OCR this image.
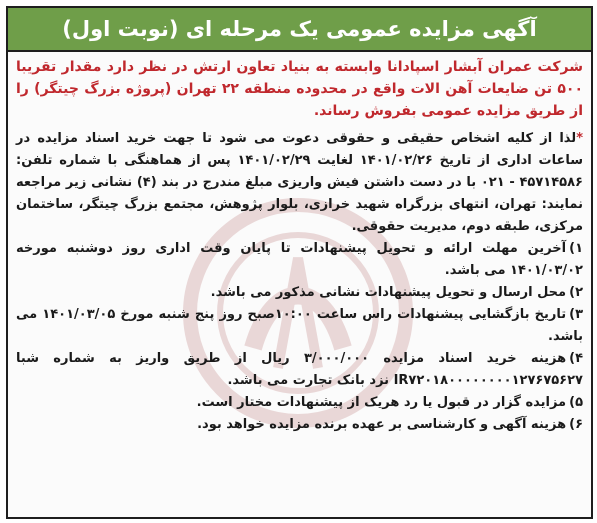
آگهی مزایده عمومی یک مرحله ای (نوبت اول)
شرکت عمران آبشار اسپادانا وابسته به بنیاد تعاون ارتش در نظر دارد مقدار تقریبا ۵۰۰ تن ضایعات آهن الات واقع در محدوده منطقه ۲۲ تهران (پروژه بزرگ چیتگر) را از طریق مزایده عمومی بفروش رساند.

*لذا از کلیه اشخاص حقیقی و حقوقی دعوت می شود تا جهت خرید اسناد مزایده در ساعات اداری از تاریخ ۱۴۰۱/۰۲/۲۶ لغایت ۱۴۰۱/۰۲/۲۹ پس از هماهنگی با شماره تلفن: ۴۵۷۱۴۵۸۶ - ۰۲۱ با در دست داشتن فیش واریزی مبلغ مندرج در بند (۴) نشانی زیر مراجعه نمایند: تهران، انتهای بزرگراه شهید خرازی، بلوار پژوهش، مجتمع بزرگ چیتگر، ساختمان مرکزی، طبقه دوم، مدیریت حقوقی.

۱)آخرین مهلت ارائه و تحویل پیشنهادات تا پایان وقت اداری روز دوشنبه مورخه ۱۴۰۱/۰۳/۰۲ می باشد.

۲)محل ارسال و تحویل پیشنهادات نشانی مذکور می باشد.

۳)تاریخ بازگشایی پیشنهادات راس ساعت ۱۰:۰۰صبح روز پنج شنبه مورخ ۱۴۰۱/۰۳/۰۵ می باشد.

۴)هزینه خرید اسناد مزایده ۳/۰۰۰/۰۰۰ ریال از طریق واریز به شماره شبا IR۷۲۰۱۸۰۰۰۰۰۰۰۰۱۲۷۶۷۵۶۲۷ نزد بانک تجارت می باشد.

۵)مزایده گزار در قبول یا رد هریک از پیشنهادات مختار است.

۶)هزینه آگهی و کارشناسی بر عهده برنده مزایده خواهد بود.
